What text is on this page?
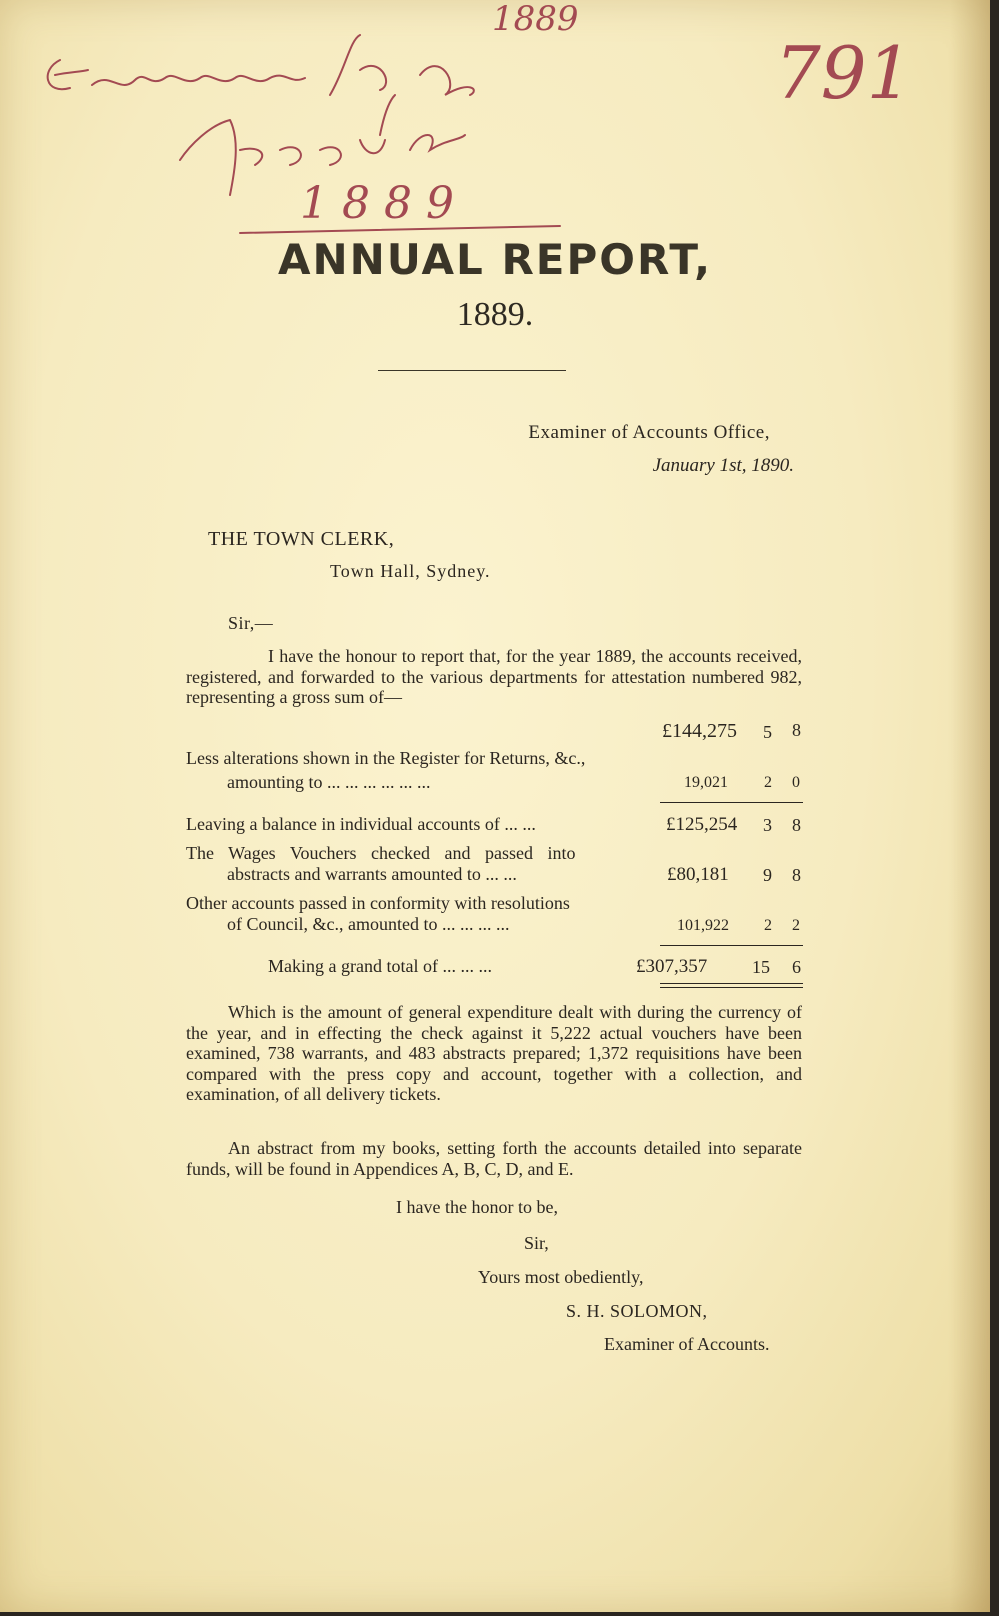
1 8 8 9
1889
791
ANNUAL REPORT,
1889.
Examiner of Accounts Office,
January 1st, 1890.
THE TOWN CLERK,
Town Hall, Sydney.
Sir,—
I have the honour to report that, for the year 1889, the accounts received, registered, and forwarded to the various departments for attestation numbered 982, representing a gross sum of—
£144,275 5 8
Less alterations shown in the Register for Returns, &c.,
amounting to ... ... ... ... ... ...	19,021 2 0
Leaving a balance in individual accounts of ... ...	£125,254 3 8
The Wages Vouchers checked and passed into
abstracts and warrants amounted to ... ...	£80,181 9 8
Other accounts passed in conformity with resolutions
of Council, &c., amounted to ... ... ... ...	101,922 2 2
Making a grand total of ... ... ...	£307,357 15 6
Which is the amount of general expenditure dealt with during the currency of the year, and in effecting the check against it 5,222 actual vouchers have been examined, 738 warrants, and 483 abstracts prepared; 1,372 requisitions have been compared with the press copy and account, together with a collection, and examination, of all delivery tickets.
An abstract from my books, setting forth the accounts detailed into separate funds, will be found in Appendices A, B, C, D, and E.
I have the honor to be,
Sir,
Yours most obediently,
S. H. SOLOMON,
Examiner of Accounts.
